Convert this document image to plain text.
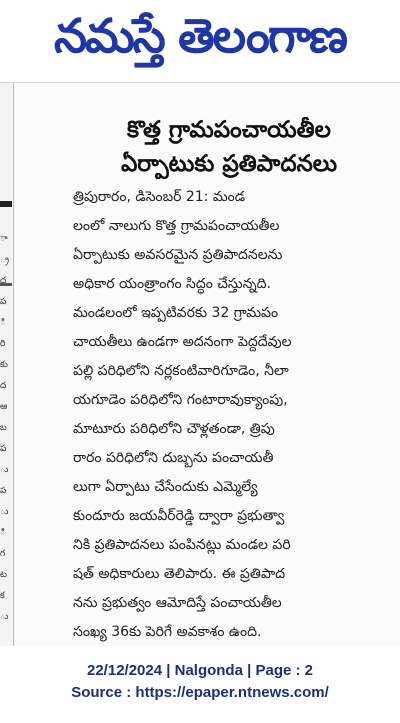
నమస్తే తెలంగాణ
ా
్ర
ద
ప
ి
రి
కు
ద
ఆ
బ
ప
ు
ప
ు
ి
గ
ట
క
ు
కొత్త గ్రామపంచాయతీల
ఏర్పాటుకు ప్రతిపాదనలు
త్రిపురారం, డిసెంబర్ 21: మండ
లంలో నాలుగు కొత్త గ్రామపంచాయతీల
ఏర్పాటుకు అవసరమైన ప్రతిపాదనలను
అధికార యంత్రాంగం సిద్ధం చేస్తున్నది.
మండలంలో ఇప్పటివరకు 32 గ్రామపం
చాయతీలు ఉండగా అదనంగా పెద్దదేవుల
పల్లి పరిధిలోని నర్లకంటివారిగూడెం, నీలా
యగూడెం పరిధిలోని గంటారావుక్యాంపు,
మాటూరు పరిధిలోని చౌళ్లతండా, త్రిపు
రారం పరిధిలోని దుబ్బను పంచాయతీ
లుగా ఏర్పాటు చేసేందుకు ఎమ్మెల్యే
కుందూరు జయవీర్‌రెడ్డి ద్వారా ప్రభుత్వా
నికి ప్రతిపాదనలు పంపినట్లు మండల పరి
షత్ అధికారులు తెలిపారు. ఈ ప్రతిపాద
నను ప్రభుత్వం ఆమోదిస్తే పంచాయతీల
సంఖ్య 36కు పెరిగే అవకాశం ఉంది.
22/12/2024 | Nalgonda | Page : 2
Source : https://epaper.ntnews.com/
